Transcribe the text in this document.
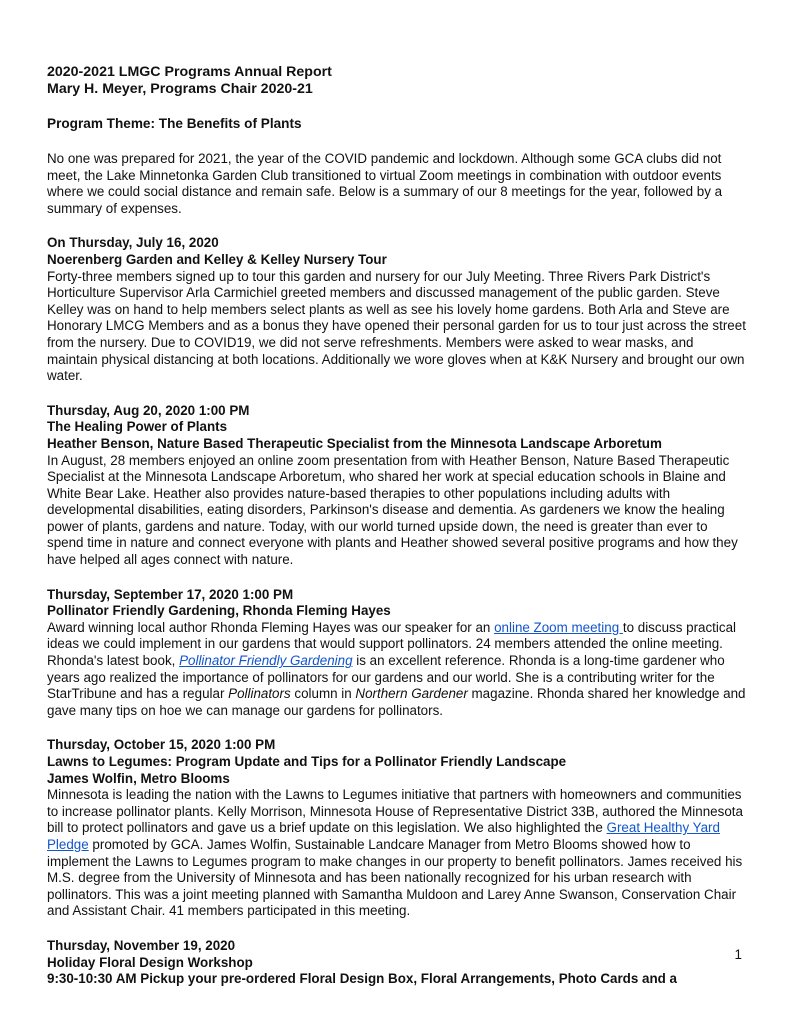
2020-2021 LMGC Programs Annual Report

Mary H. Meyer, Programs Chair 2020-21

Program Theme: The Benefits of Plants

No one was prepared for 2021, the year of the COVID pandemic and lockdown. Although some GCA clubs did not meet, the Lake Minnetonka Garden Club transitioned to virtual Zoom meetings in combination with outdoor events where we could social distance and remain safe. Below is a summary of our 8 meetings for the year, followed by a summary of expenses.

On Thursday, July 16, 2020

Noerenberg Garden and Kelley & Kelley Nursery Tour

Forty-three members signed up to tour this garden and nursery for our July Meeting. Three Rivers Park District's Horticulture Supervisor Arla Carmichiel greeted members and discussed management of the public garden. Steve Kelley was on hand to help members select plants as well as see his lovely home gardens. Both Arla and Steve are Honorary LMCG Members and as a bonus they have opened their personal garden for us to tour just across the street from the nursery. Due to COVID19, we did not serve refreshments. Members were asked to wear masks, and maintain physical distancing at both locations. Additionally we wore gloves when at K&K Nursery and brought our own water.

Thursday, Aug 20, 2020 1:00 PM

The Healing Power of Plants

Heather Benson, Nature Based Therapeutic Specialist from the Minnesota Landscape Arboretum

In August, 28 members enjoyed an online zoom presentation from with Heather Benson, Nature Based Therapeutic Specialist at the Minnesota Landscape Arboretum, who shared her work at special education schools in Blaine and White Bear Lake. Heather also provides nature-based therapies to other populations including adults with developmental disabilities, eating disorders, Parkinson's disease and dementia. As gardeners we know the healing power of plants, gardens and nature. Today, with our world turned upside down, the need is greater than ever to spend time in nature and connect everyone with plants and Heather showed several positive programs and how they have helped all ages connect with nature.

Thursday, September 17, 2020 1:00 PM

Pollinator Friendly Gardening, Rhonda Fleming Hayes

Award winning local author Rhonda Fleming Hayes was our speaker for an online Zoom meeting to discuss practical ideas we could implement in our gardens that would support pollinators. 24 members attended the online meeting. Rhonda's latest book, Pollinator Friendly Gardening is an excellent reference. Rhonda is a long-time gardener who years ago realized the importance of pollinators for our gardens and our world. She is a contributing writer for the StarTribune and has a regular Pollinators column in Northern Gardener magazine. Rhonda shared her knowledge and gave many tips on hoe we can manage our gardens for pollinators.

Thursday, October 15, 2020 1:00 PM

Lawns to Legumes: Program Update and Tips for a Pollinator Friendly Landscape

James Wolfin, Metro Blooms

Minnesota is leading the nation with the Lawns to Legumes initiative that partners with homeowners and communities to increase pollinator plants. Kelly Morrison, Minnesota House of Representative District 33B, authored the Minnesota bill to protect pollinators and gave us a brief update on this legislation. We also highlighted the Great Healthy Yard Pledge promoted by GCA. James Wolfin, Sustainable Landcare Manager from Metro Blooms showed how to implement the Lawns to Legumes program to make changes in our property to benefit pollinators. James received his M.S. degree from the University of Minnesota and has been nationally recognized for his urban research with pollinators. This was a joint meeting planned with Samantha Muldoon and Larey Anne Swanson, Conservation Chair and Assistant Chair. 41 members participated in this meeting.

Thursday, November 19, 2020

Holiday Floral Design Workshop

9:30-10:30 AM Pickup your pre-ordered Floral Design Box, Floral Arrangements, Photo Cards and a

1
